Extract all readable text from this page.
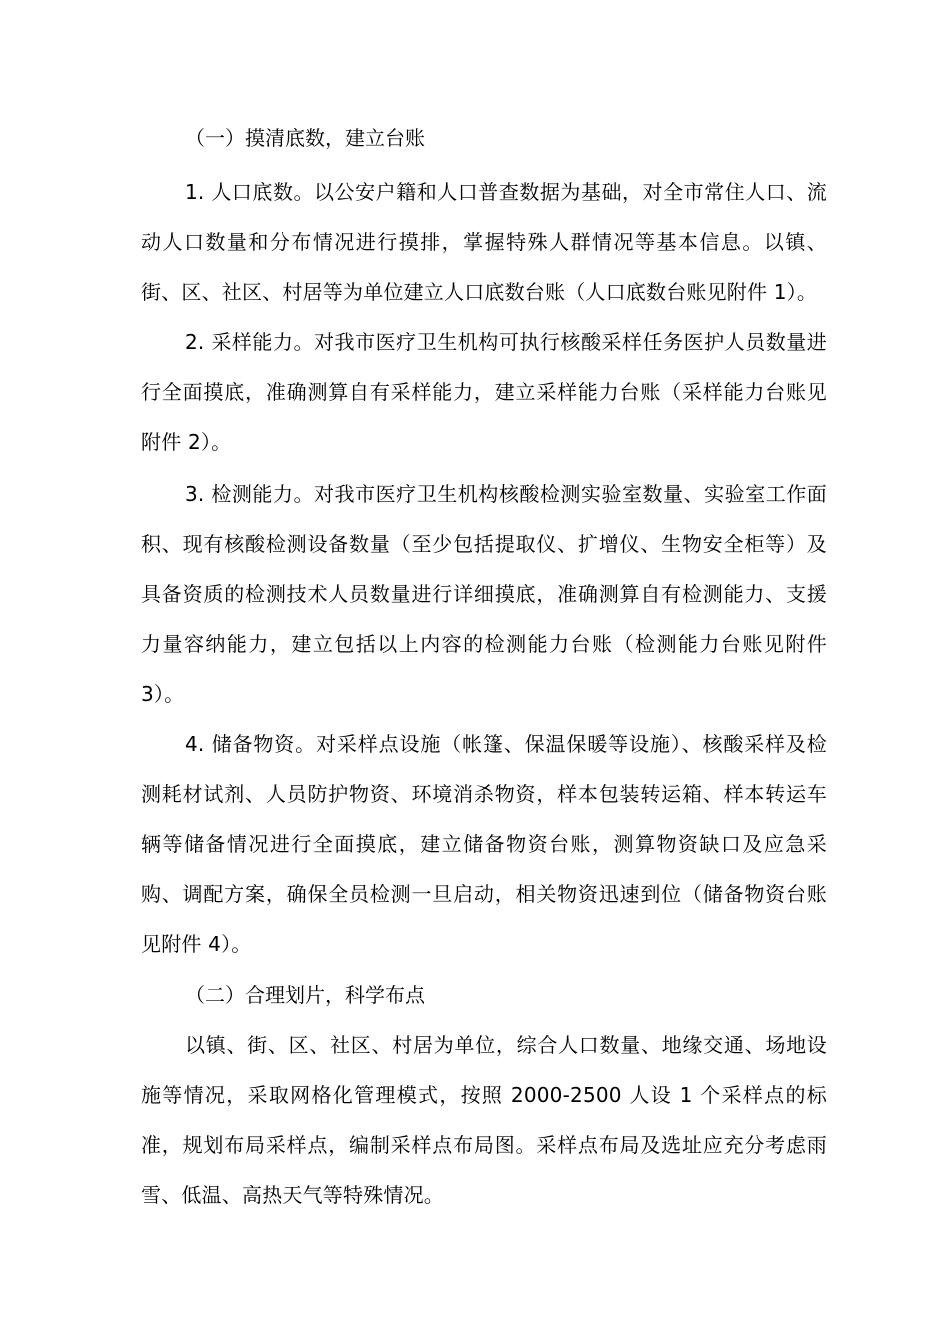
（一）摸清底数，建立台账

1. 人口底数。以公安户籍和人口普查数据为基础，对全市常住人口、流动人口数量和分布情况进行摸排，掌握特殊人群情况等基本信息。以镇、街、区、社区、村居等为单位建立人口底数台账（人口底数台账见附件 1）。

2. 采样能力。对我市医疗卫生机构可执行核酸采样任务医护人员数量进行全面摸底，准确测算自有采样能力，建立采样能力台账（采样能力台账见附件 2）。

3. 检测能力。对我市医疗卫生机构核酸检测实验室数量、实验室工作面积、现有核酸检测设备数量（至少包括提取仪、扩增仪、生物安全柜等）及具备资质的检测技术人员数量进行详细摸底，准确测算自有检测能力、支援力量容纳能力，建立包括以上内容的检测能力台账（检测能力台账见附件 3）。

4. 储备物资。对采样点设施（帐篷、保温保暖等设施）、核酸采样及检测耗材试剂、人员防护物资、环境消杀物资，样本包装转运箱、样本转运车辆等储备情况进行全面摸底，建立储备物资台账，测算物资缺口及应急采购、调配方案，确保全员检测一旦启动，相关物资迅速到位（储备物资台账见附件 4）。

（二）合理划片，科学布点

以镇、街、区、社区、村居为单位，综合人口数量、地缘交通、场地设施等情况，采取网格化管理模式，按照 2000-2500 人设 1 个采样点的标准，规划布局采样点，编制采样点布局图。采样点布局及选址应充分考虑雨雪、低温、高热天气等特殊情况。
